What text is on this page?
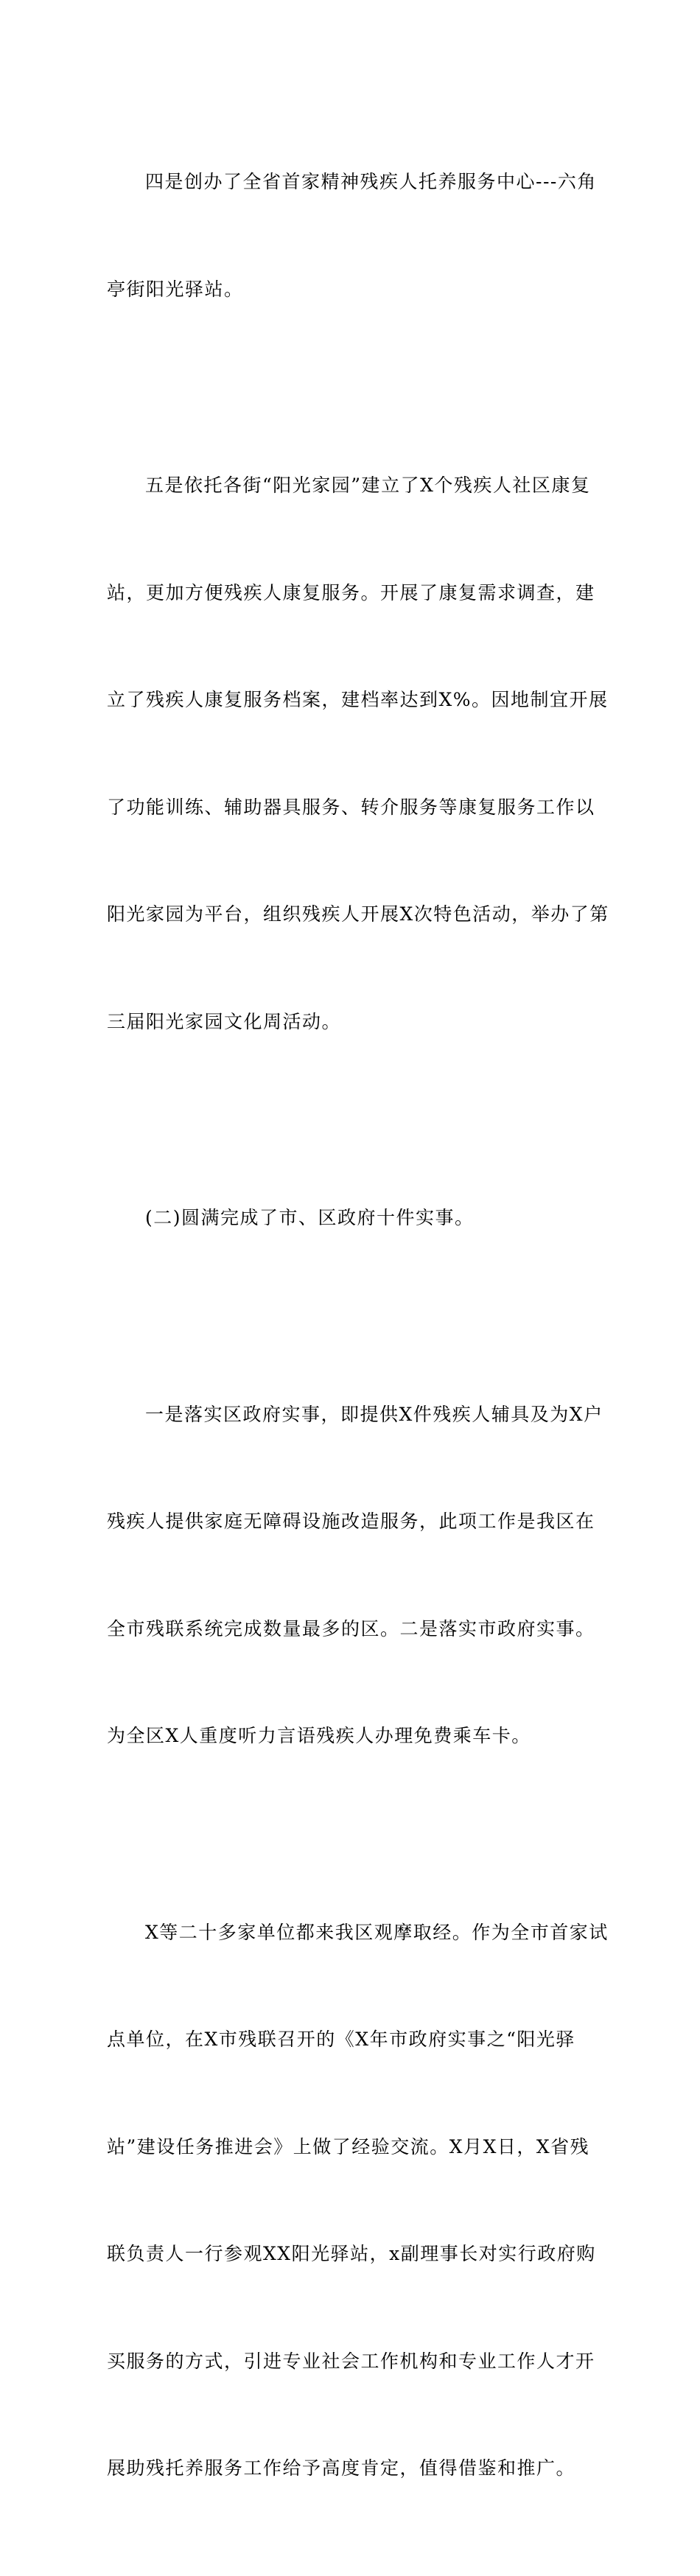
四是创办了全省首家精神残疾人托养服务中心---六角

亭街阳光驿站。

五是依托各街“阳光家园”建立了X个残疾人社区康复

站，更加方便残疾人康复服务。开展了康复需求调查，建

立了残疾人康复服务档案，建档率达到X%。因地制宜开展

了功能训练、辅助器具服务、转介服务等康复服务工作以

阳光家园为平台，组织残疾人开展X次特色活动，举办了第

三届阳光家园文化周活动。

(二)圆满完成了市、区政府十件实事。

一是落实区政府实事，即提供X件残疾人辅具及为X户

残疾人提供家庭无障碍设施改造服务，此项工作是我区在

全市残联系统完成数量最多的区。二是落实市政府实事。

为全区X人重度听力言语残疾人办理免费乘车卡。

X等二十多家单位都来我区观摩取经。作为全市首家试

点单位，在X市残联召开的《X年市政府实事之“阳光驿

站”建设任务推进会》上做了经验交流。X月X日，X省残

联负责人一行参观XX阳光驿站，x副理事长对实行政府购

买服务的方式，引进专业社会工作机构和专业工作人才开

展助残托养服务工作给予高度肯定，值得借鉴和推广。
